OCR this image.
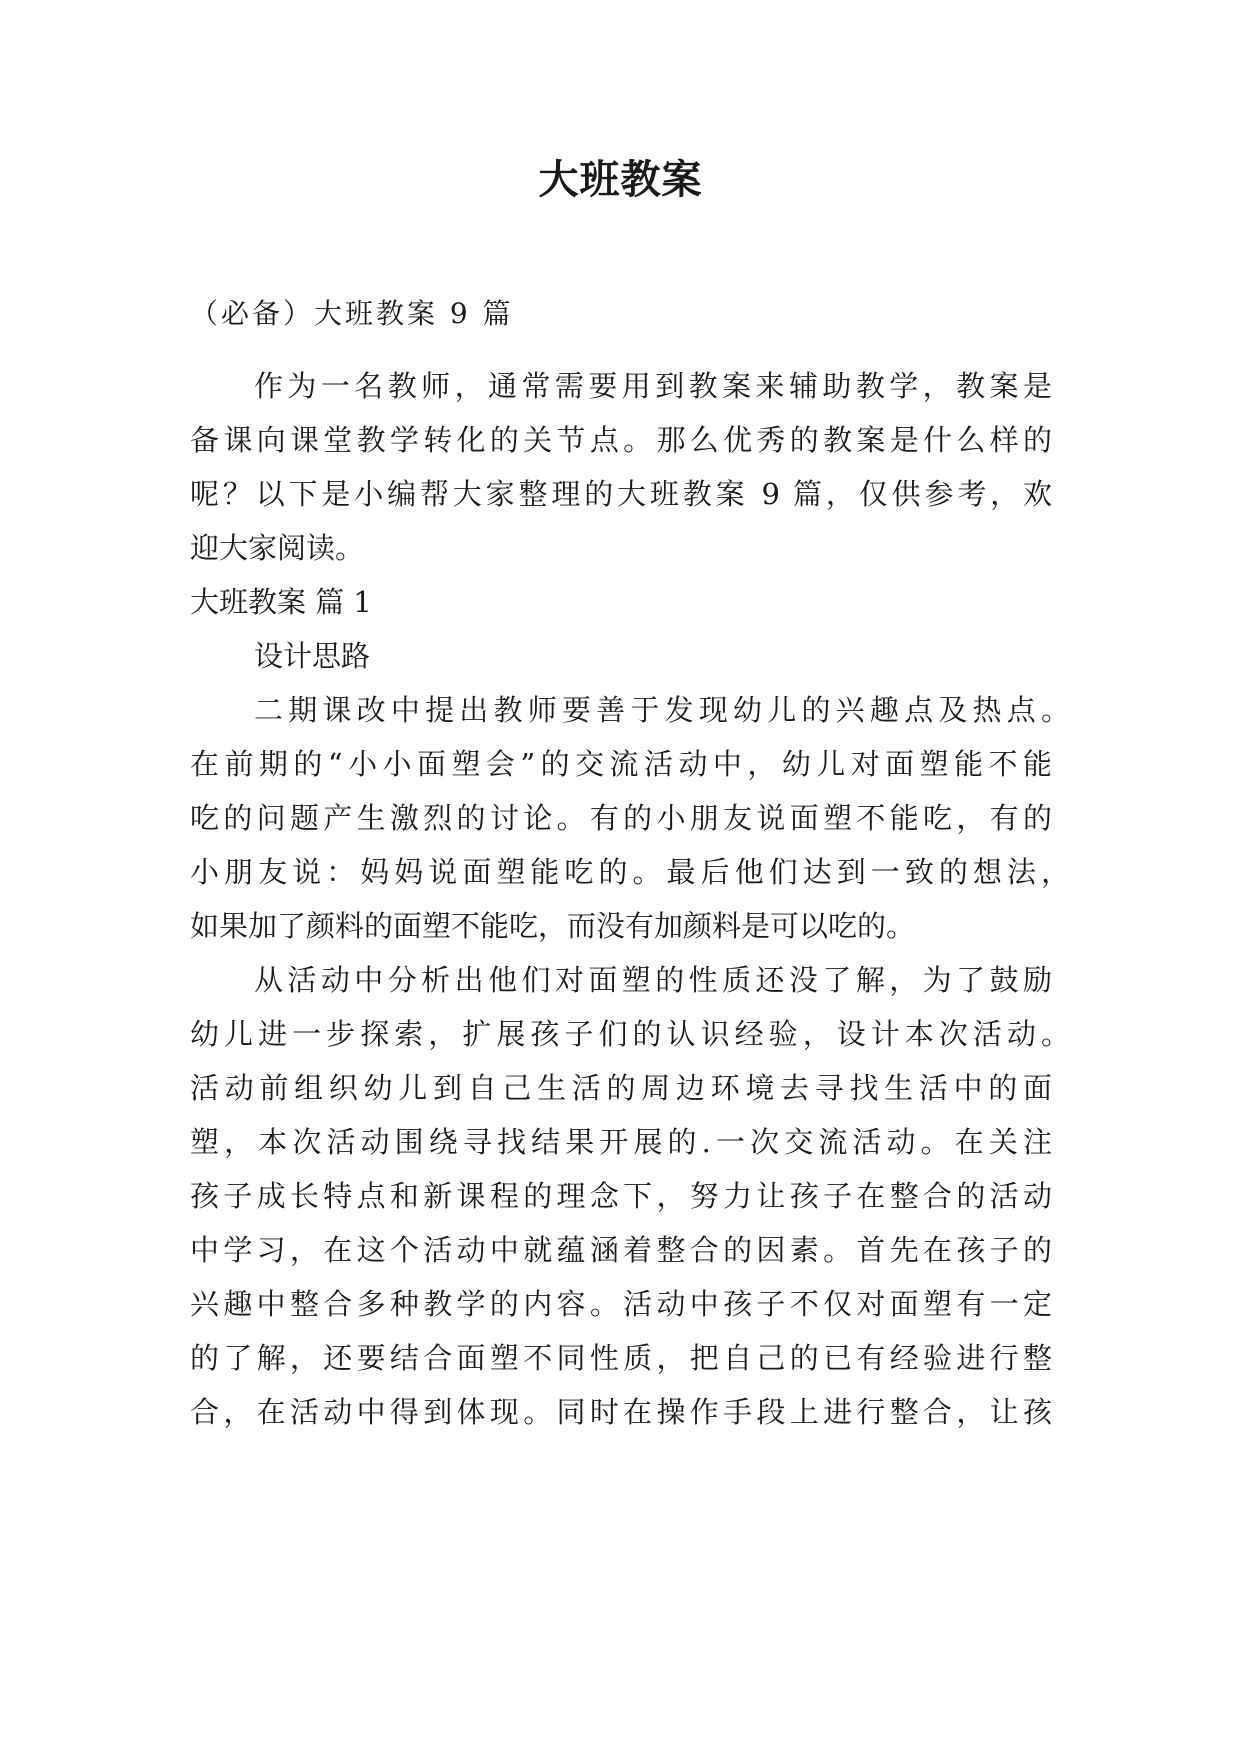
大班教案

（必备）大班教案 9 篇

作为一名教师，通常需要用到教案来辅助教学，教案是

备课向课堂教学转化的关节点。那么优秀的教案是什么样的

呢？以下是小编帮大家整理的大班教案 9 篇，仅供参考，欢

迎大家阅读。

大班教案 篇 1

设计思路

二期课改中提出教师要善于发现幼儿的兴趣点及热点。

在前期的“小小面塑会”的交流活动中，幼儿对面塑能不能

吃的问题产生激烈的讨论。有的小朋友说面塑不能吃，有的

小朋友说：妈妈说面塑能吃的。最后他们达到一致的想法，

如果加了颜料的面塑不能吃，而没有加颜料是可以吃的。

从活动中分析出他们对面塑的性质还没了解，为了鼓励

幼儿进一步探索，扩展孩子们的认识经验，设计本次活动。

活动前组织幼儿到自己生活的周边环境去寻找生活中的面

塑，本次活动围绕寻找结果开展的.一次交流活动。在关注

孩子成长特点和新课程的理念下，努力让孩子在整合的活动

中学习，在这个活动中就蕴涵着整合的因素。首先在孩子的

兴趣中整合多种教学的内容。活动中孩子不仅对面塑有一定

的了解，还要结合面塑不同性质，把自己的已有经验进行整

合，在活动中得到体现。同时在操作手段上进行整合，让孩
